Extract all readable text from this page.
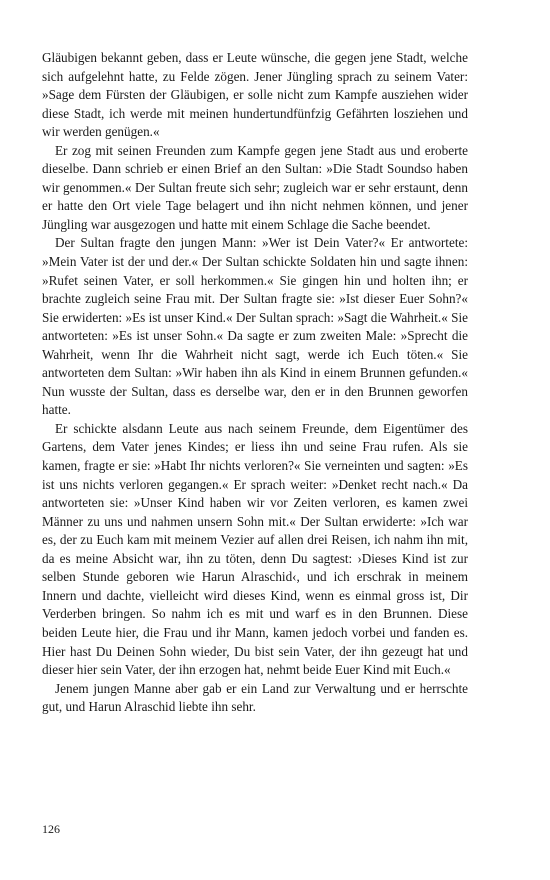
Gläubigen bekannt geben, dass er Leute wünsche, die gegen jene Stadt, welche sich aufgelehnt hatte, zu Felde zögen. Jener Jüngling sprach zu seinem Vater: »Sage dem Fürsten der Gläubigen, er solle nicht zum Kampfe ausziehen wider diese Stadt, ich werde mit meinen hundertundfünfzig Gefährten losziehen und wir werden genügen.«

Er zog mit seinen Freunden zum Kampfe gegen jene Stadt aus und eroberte dieselbe. Dann schrieb er einen Brief an den Sultan: »Die Stadt Soundso haben wir genommen.« Der Sultan freute sich sehr; zugleich war er sehr erstaunt, denn er hatte den Ort viele Tage belagert und ihn nicht nehmen können, und jener Jüngling war ausgezogen und hatte mit einem Schlage die Sache beendet.

Der Sultan fragte den jungen Mann: »Wer ist Dein Vater?« Er antwortete: »Mein Vater ist der und der.« Der Sultan schickte Soldaten hin und sagte ihnen: »Rufet seinen Vater, er soll herkommen.« Sie gingen hin und holten ihn; er brachte zugleich seine Frau mit. Der Sultan fragte sie: »Ist dieser Euer Sohn?« Sie erwiderten: »Es ist unser Kind.« Der Sultan sprach: »Sagt die Wahrheit.« Sie antworteten: »Es ist unser Sohn.« Da sagte er zum zweiten Male: »Sprecht die Wahrheit, wenn Ihr die Wahrheit nicht sagt, werde ich Euch töten.« Sie antworteten dem Sultan: »Wir haben ihn als Kind in einem Brunnen gefunden.« Nun wusste der Sultan, dass es derselbe war, den er in den Brunnen geworfen hatte.

Er schickte alsdann Leute aus nach seinem Freunde, dem Eigentümer des Gartens, dem Vater jenes Kindes; er liess ihn und seine Frau rufen. Als sie kamen, fragte er sie: »Habt Ihr nichts verloren?« Sie verneinten und sagten: »Es ist uns nichts verloren gegangen.« Er sprach weiter: »Denket recht nach.« Da antworteten sie: »Unser Kind haben wir vor Zeiten verloren, es kamen zwei Männer zu uns und nahmen unsern Sohn mit.« Der Sultan erwiderte: »Ich war es, der zu Euch kam mit meinem Vezier auf allen drei Reisen, ich nahm ihn mit, da es meine Absicht war, ihn zu töten, denn Du sagtest: ›Dieses Kind ist zur selben Stunde geboren wie Harun Alraschid‹, und ich erschrak in meinem Innern und dachte, vielleicht wird dieses Kind, wenn es einmal gross ist, Dir Verderben bringen. So nahm ich es mit und warf es in den Brunnen. Diese beiden Leute hier, die Frau und ihr Mann, kamen jedoch vorbei und fanden es. Hier hast Du Deinen Sohn wieder, Du bist sein Vater, der ihn gezeugt hat und dieser hier sein Vater, der ihn erzogen hat, nehmt beide Euer Kind mit Euch.«

Jenem jungen Manne aber gab er ein Land zur Verwaltung und er herrschte gut, und Harun Alraschid liebte ihn sehr.

126
